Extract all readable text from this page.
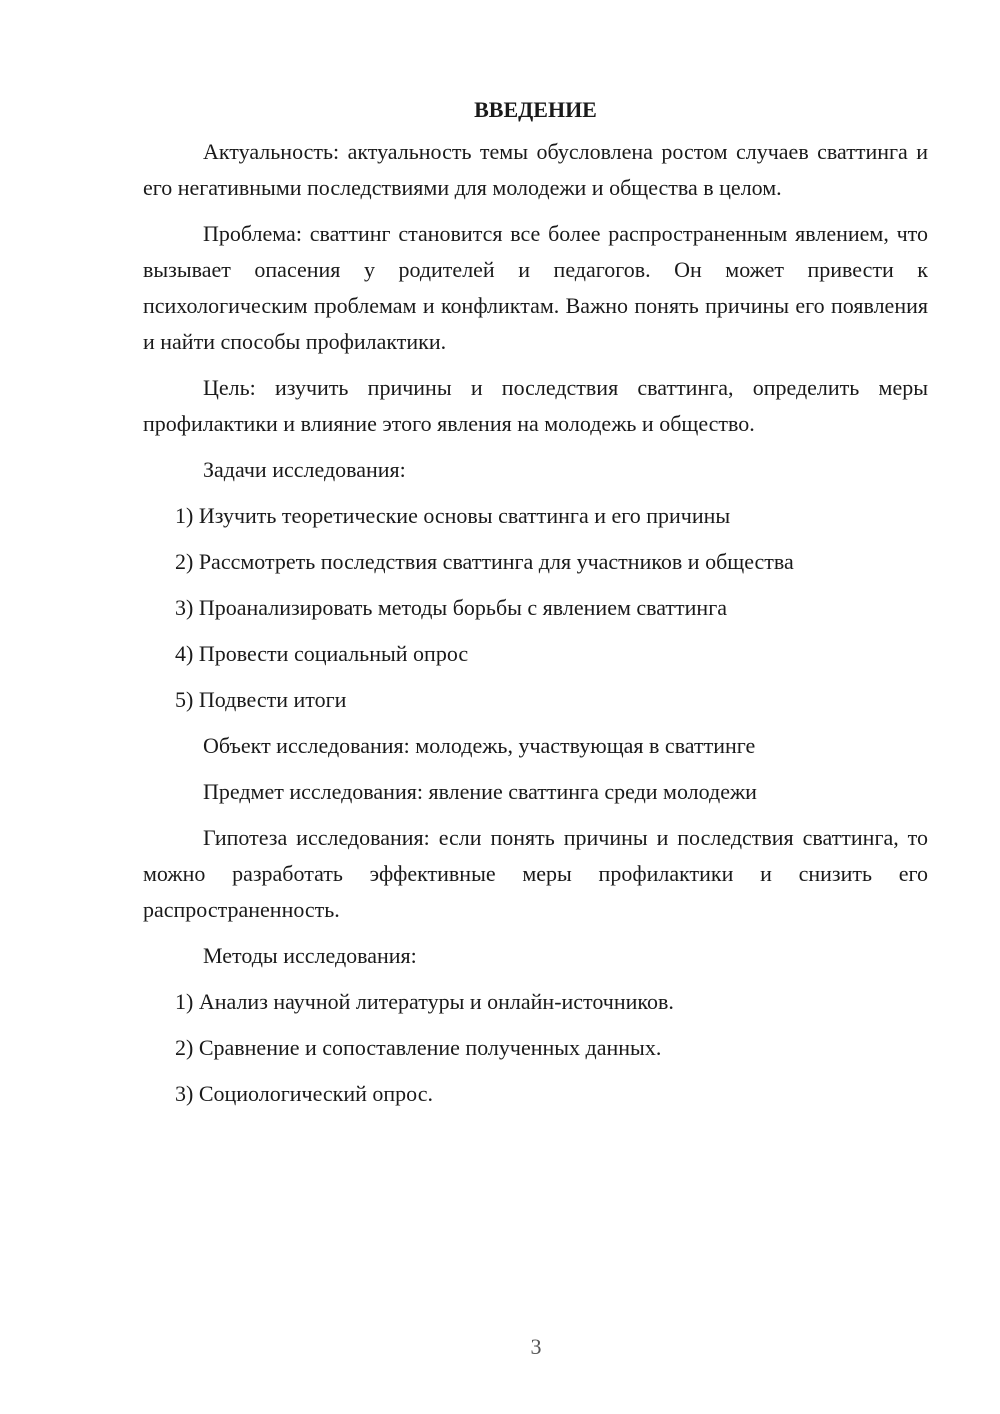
ВВЕДЕНИЕ

Актуальность: актуальность темы обусловлена ростом случаев сваттинга и его негативными последствиями для молодежи и общества в целом.

Проблема: сваттинг становится все более распространенным явлением, что вызывает опасения у родителей и педагогов. Он может привести к психологическим проблемам и конфликтам. Важно понять причины его появления и найти способы профилактики.

Цель: изучить причины и последствия сваттинга, определить меры профилактики и влияние этого явления на молодежь и общество.

Задачи исследования:

1) Изучить теоретические основы сваттинга и его причины

2) Рассмотреть последствия сваттинга для участников и общества

3) Проанализировать методы борьбы с явлением сваттинга

4) Провести социальный опрос

5) Подвести итоги

Объект исследования: молодежь, участвующая в сваттинге

Предмет исследования: явление сваттинга среди молодежи

Гипотеза исследования: если понять причины и последствия сваттинга, то можно разработать эффективные меры профилактики и снизить его распространенность.

Методы исследования:

1) Анализ научной литературы и онлайн-источников.

2) Сравнение и сопоставление полученных данных.

3) Социологический опрос.

3
